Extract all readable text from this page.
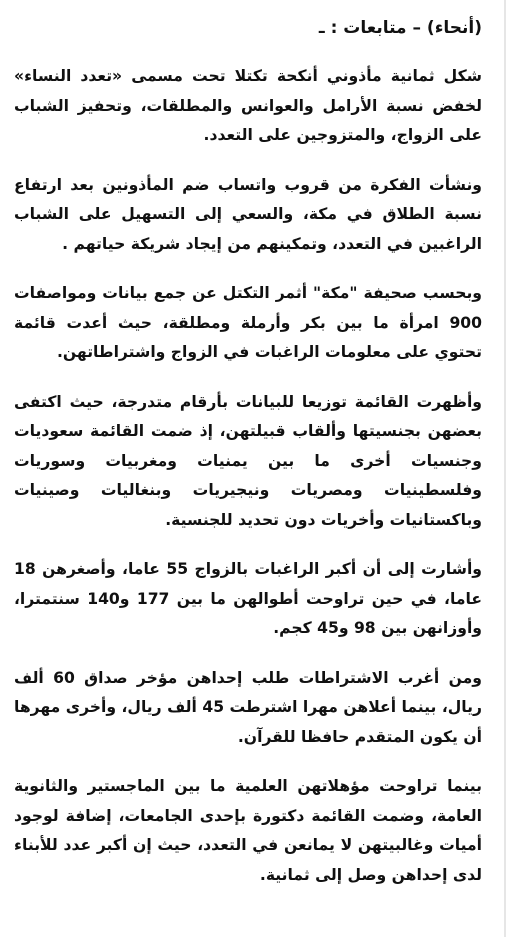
(أنحاء) – متابعات : ـ

شكل ثمانية مأذوني أنكحة تكتلا تحت مسمى «تعدد النساء» لخفض نسبة الأرامل والعوانس والمطلقات، وتحفيز الشباب على الزواج، والمتزوجين على التعدد.

ونشأت الفكرة من قروب واتساب ضم المأذونين بعد ارتفاع نسبة الطلاق في مكة، والسعي إلى التسهيل على الشباب الراغبين في التعدد، وتمكينهم من إيجاد شريكة حياتهم .

وبحسب صحيفة "مكة" أثمر التكتل عن جمع بيانات ومواصفات 900 امرأة ما بين بكر وأرملة ومطلقة، حيث أعدت قائمة تحتوي على معلومات الراغبات في الزواج واشتراطاتهن.

وأظهرت القائمة توزيعا للبيانات بأرقام متدرجة، حيث اكتفى بعضهن بجنسيتها وألقاب قبيلتهن، إذ ضمت القائمة سعوديات وجنسيات أخرى ما بين يمنيات ومغربيات وسوريات وفلسطينيات ومصريات ونيجيريات وبنغاليات وصينيات وباكستانيات وأخريات دون تحديد للجنسية.

وأشارت إلى أن أكبر الراغبات بالزواج 55 عاما، وأصغرهن 18 عاما، في حين تراوحت أطوالهن ما بين 177 و140 سنتمترا، وأوزانهن بين 98 و45 كجم.

ومن أغرب الاشتراطات طلب إحداهن مؤخر صداق 60 ألف ريال، بينما أعلاهن مهرا اشترطت 45 ألف ريال، وأخرى مهرها أن يكون المتقدم حافظا للقرآن.

بينما تراوحت مؤهلاتهن العلمية ما بين الماجستير والثانوية العامة، وضمت القائمة دكتورة بإحدى الجامعات، إضافة لوجود أميات وغالبيتهن لا يمانعن في التعدد، حيث إن أكبر عدد للأبناء لدى إحداهن وصل إلى ثمانية.
